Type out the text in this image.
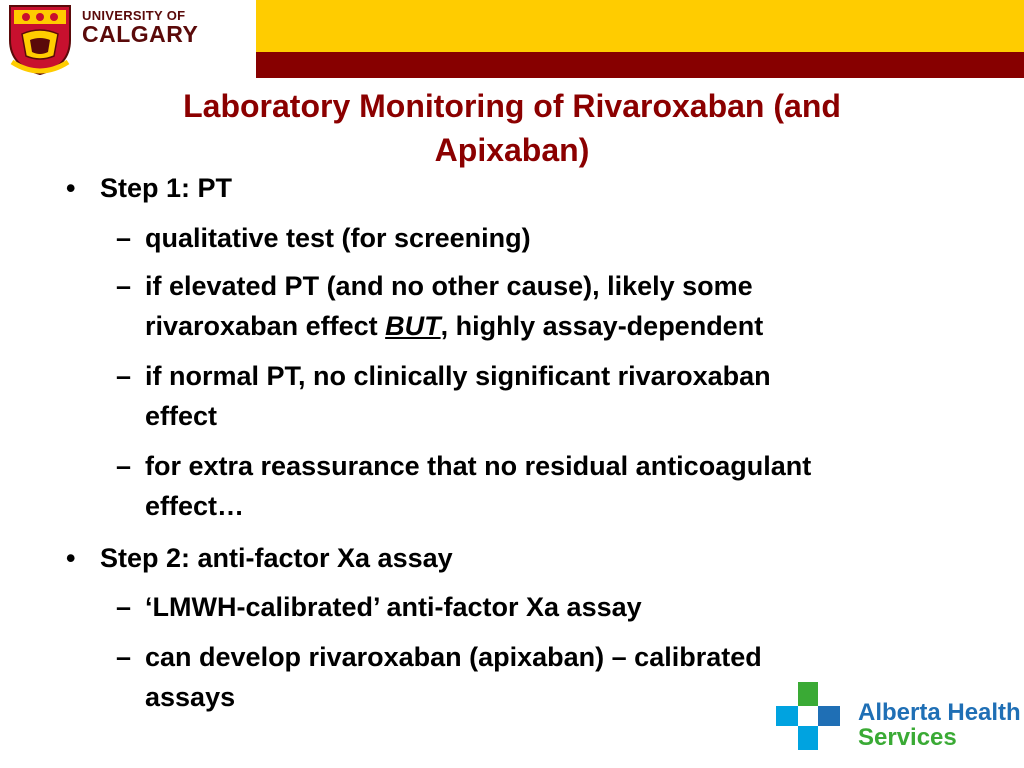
UNIVERSITY OF
CALGARY
Laboratory Monitoring of Rivaroxaban (and
Apixaban)
• Step 1: PT
– qualitative test (for screening)
– if elevated PT (and no other cause), likely some
rivaroxaban effect BUT, highly assay-dependent
– if normal PT, no clinically significant rivaroxaban
effect
– for extra reassurance that no residual anticoagulant
effect…
• Step 2: anti-factor Xa assay
– ‘LMWH-calibrated’ anti-factor Xa assay
– can develop rivaroxaban (apixaban) – calibrated
assays
Alberta Health
Services
